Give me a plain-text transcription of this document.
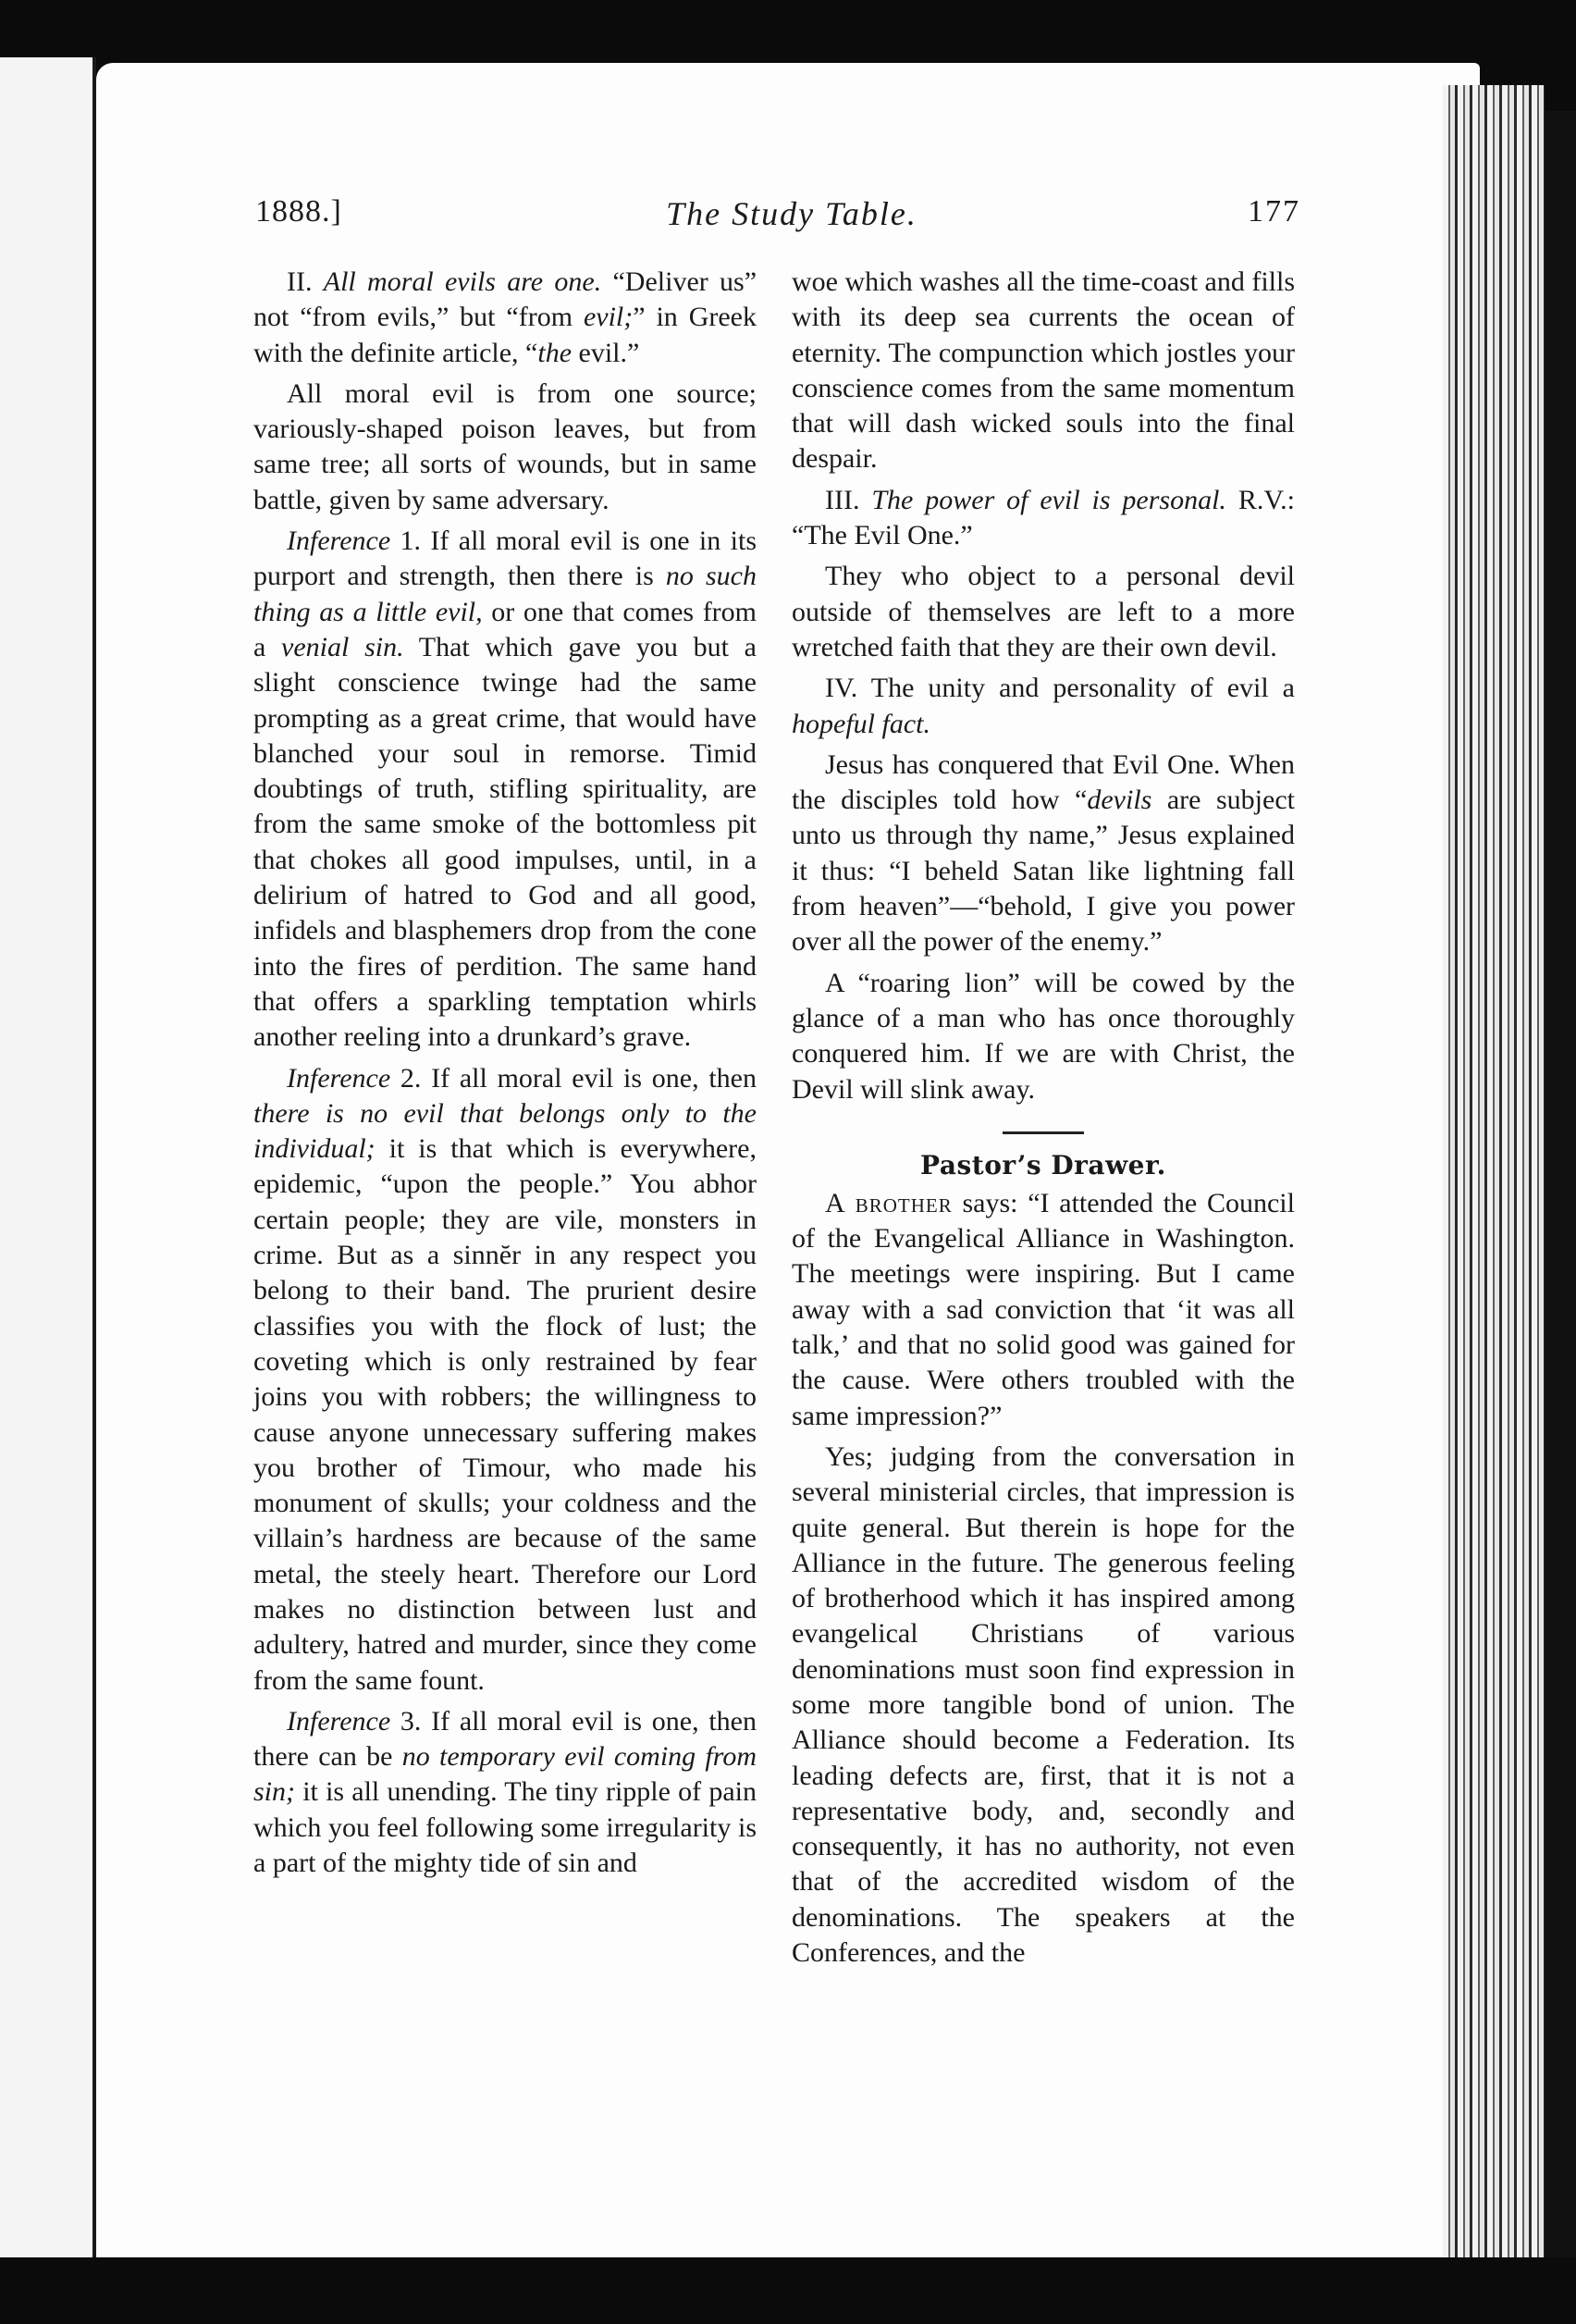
1888.]	The Study Table.	177

II. All moral evils are one. “Deliver us” not “from evils,” but “from evil;” in Greek with the definite article, “the evil.”

All moral evil is from one source; variously-shaped poison leaves, but from same tree; all sorts of wounds, but in same battle, given by same adversary.

Inference 1. If all moral evil is one in its purport and strength, then there is no such thing as a little evil, or one that comes from a venial sin. That which gave you but a slight conscience twinge had the same prompting as a great crime, that would have blanched your soul in remorse. Timid doubtings of truth, stifling spirituality, are from the same smoke of the bottomless pit that chokes all good impulses, until, in a delirium of hatred to God and all good, infidels and blasphemers drop from the cone into the fires of perdition. The same hand that offers a sparkling temptation whirls another reeling into a drunkard’s grave.

Inference 2. If all moral evil is one, then there is no evil that belongs only to the individual; it is that which is everywhere, epidemic, “upon the people.” You abhor certain people; they are vile, monsters in crime. But as a sinnĕr in any respect you belong to their band. The prurient desire classifies you with the flock of lust; the coveting which is only restrained by fear joins you with robbers; the willingness to cause anyone unnecessary suffering makes you brother of Timour, who made his monument of skulls; your coldness and the villain’s hardness are because of the same metal, the steely heart. Therefore our Lord makes no distinction between lust and adultery, hatred and murder, since they come from the same fount.

Inference 3. If all moral evil is one, then there can be no temporary evil coming from sin; it is all unending. The tiny ripple of pain which you feel following some irregularity is a part of the mighty tide of sin and

woe which washes all the time-coast and fills with its deep sea currents the ocean of eternity. The compunction which jostles your conscience comes from the same momentum that will dash wicked souls into the final despair.

III. The power of evil is personal. R.V.: “The Evil One.”

They who object to a personal devil outside of themselves are left to a more wretched faith that they are their own devil.

IV. The unity and personality of evil a hopeful fact.

Jesus has conquered that Evil One. When the disciples told how “devils are subject unto us through thy name,” Jesus explained it thus: “I beheld Satan like lightning fall from heaven”—“behold, I give you power over all the power of the enemy.”

A “roaring lion” will be cowed by the glance of a man who has once thoroughly conquered him. If we are with Christ, the Devil will slink away.

Pastor’s Drawer.

A brother says: “I attended the Council of the Evangelical Alliance in Washington. The meetings were inspiring. But I came away with a sad conviction that ‘it was all talk,’ and that no solid good was gained for the cause. Were others troubled with the same impression?”

Yes; judging from the conversation in several ministerial circles, that impression is quite general. But therein is hope for the Alliance in the future. The generous feeling of brotherhood which it has inspired among evangelical Christians of various denominations must soon find expression in some more tangible bond of union. The Alliance should become a Federation. Its leading defects are, first, that it is not a representative body, and, secondly and consequently, it has no authority, not even that of the accredited wisdom of the denominations. The speakers at the Conferences, and the
